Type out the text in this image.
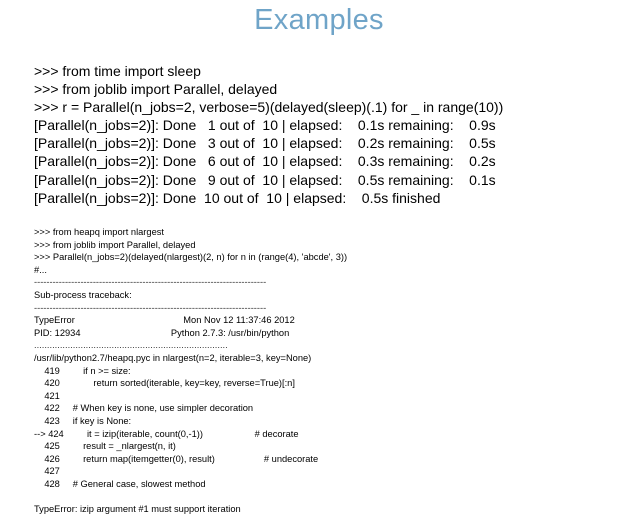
Examples
>>> from time import sleep
>>> from joblib import Parallel, delayed
>>> r = Parallel(n_jobs=2, verbose=5)(delayed(sleep)(.1) for _ in range(10))
[Parallel(n_jobs=2)]: Done   1 out of  10 | elapsed:    0.1s remaining:    0.9s
[Parallel(n_jobs=2)]: Done   3 out of  10 | elapsed:    0.2s remaining:    0.5s
[Parallel(n_jobs=2)]: Done   6 out of  10 | elapsed:    0.3s remaining:    0.2s
[Parallel(n_jobs=2)]: Done   9 out of  10 | elapsed:    0.5s remaining:    0.1s
[Parallel(n_jobs=2)]: Done  10 out of  10 | elapsed:    0.5s finished
>>> from heapq import nlargest
>>> from joblib import Parallel, delayed
>>> Parallel(n_jobs=2)(delayed(nlargest)(2, n) for n in (range(4), 'abcde', 3))
#...
---------------------------------------------------------------------------
Sub-process traceback:
---------------------------------------------------------------------------
TypeError                                          Mon Nov 12 11:37:46 2012
PID: 12934                                   Python 2.7.3: /usr/bin/python
...........................................................................
/usr/lib/python2.7/heapq.pyc in nlargest(n=2, iterable=3, key=None)
419         if n >= size:
420             return sorted(iterable, key=key, reverse=True)[:n]
421
422     # When key is none, use simpler decoration
423     if key is None:
--> 424         it = izip(iterable, count(0,-1))                    # decorate
425         result = _nlargest(n, it)
426         return map(itemgetter(0), result)                   # undecorate
427
428     # General case, slowest method
TypeError: izip argument #1 must support iteration
